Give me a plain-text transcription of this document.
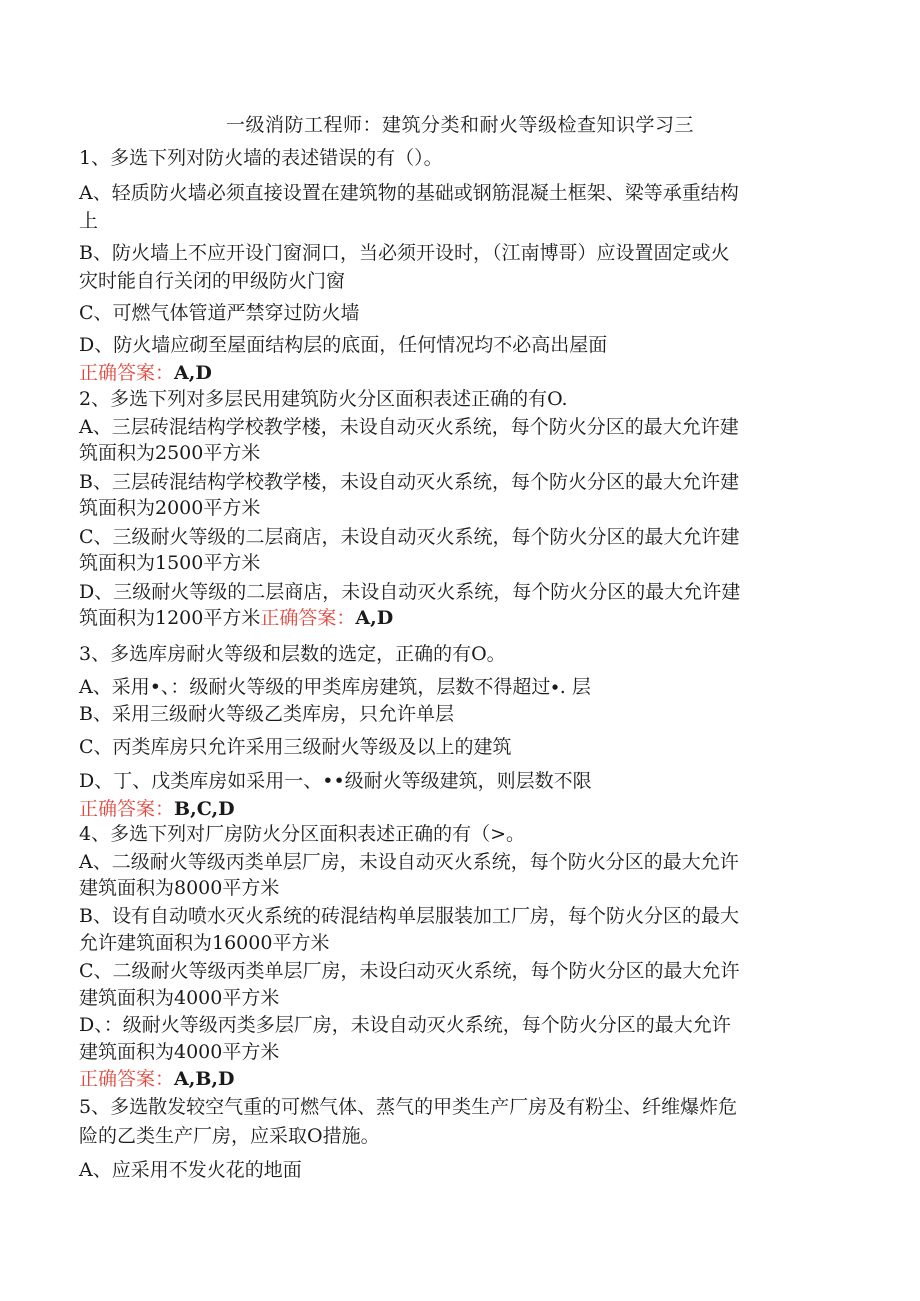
一级消防工程师：建筑分类和耐火等级检查知识学习三
1、多选下列对防火墙的表述错误的有（）。
A、轻质防火墙必须直接设置在建筑物的基础或钢筋混凝土框架、梁等承重结构
上
B、防火墙上不应开设门窗洞口，当必须开设时，（江南博哥）应设置固定或火
灾时能自行关闭的甲级防火门窗
C、可燃气体管道严禁穿过防火墙
D、防火墙应砌至屋面结构层的底面，任何情况均不必高出屋面
正确答案：A,D
2、多选下列对多层民用建筑防火分区面积表述正确的有O.
A、三层砖混结构学校教学楼，未设自动灭火系统，每个防火分区的最大允许建
筑面积为2500平方米
B、三层砖混结构学校教学楼，未设自动灭火系统，每个防火分区的最大允许建
筑面积为2000平方米
C、三级耐火等级的二层商店，未设自动灭火系统，每个防火分区的最大允许建
筑面积为1500平方米
D、三级耐火等级的二层商店，未设自动灭火系统，每个防火分区的最大允许建
筑面积为1200平方米正确答案：A,D
3、多选库房耐火等级和层数的选定，正确的有O。
A、采用•、：级耐火等级的甲类库房建筑，层数不得超过∙. 层
B、采用三级耐火等级乙类库房，只允许单层
C、丙类库房只允许采用三级耐火等级及以上的建筑
D、丁、戊类库房如采用一、••级耐火等级建筑，则层数不限
正确答案：B,C,D
4、多选下列对厂房防火分区面积表述正确的有（>。
A、二级耐火等级丙类单层厂房，未设自动灭火系统，每个防火分区的最大允许
建筑面积为8000平方米
B、设有自动喷水灭火系统的砖混结构单层服装加工厂房，每个防火分区的最大
允许建筑面积为16000平方米
C、二级耐火等级丙类单层厂房，未设臼动灭火系统，每个防火分区的最大允许
建筑面积为4000平方米
D、：级耐火等级丙类多层厂房，未设自动灭火系统，每个防火分区的最大允许
建筑面积为4000平方米
正确答案：A,B,D
5、多选散发较空气重的可燃气体、蒸气的甲类生产厂房及有粉尘、纤维爆炸危
险的乙类生产厂房，应采取O措施。
A、应采用不发火花的地面
